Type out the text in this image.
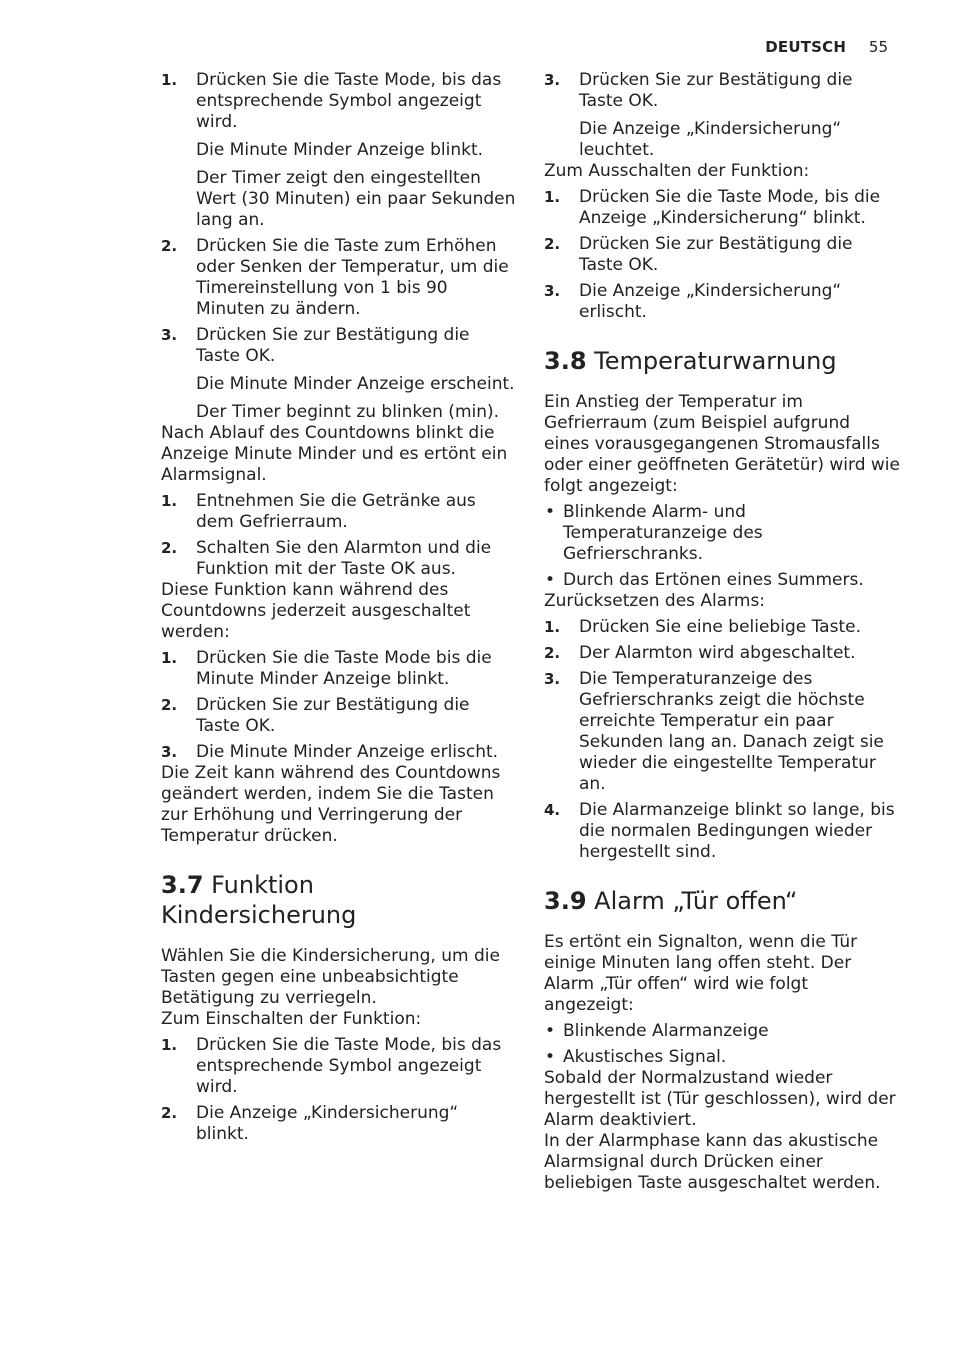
DEUTSCH 55
1. Drücken Sie die Taste Mode, bis das entsprechende Symbol angezeigt wird.
Die Minute Minder Anzeige blinkt.
Der Timer zeigt den eingestellten Wert (30 Minuten) ein paar Sekunden lang an.
2. Drücken Sie die Taste zum Erhöhen oder Senken der Temperatur, um die Timereinstellung von 1 bis 90 Minuten zu ändern.
3. Drücken Sie zur Bestätigung die Taste OK.
Die Minute Minder Anzeige erscheint.
Der Timer beginnt zu blinken (min).

Nach Ablauf des Countdowns blinkt die Anzeige Minute Minder und es ertönt ein Alarmsignal.

1. Entnehmen Sie die Getränke aus dem Gefrierraum.
2. Schalten Sie den Alarmton und die Funktion mit der Taste OK aus.

Diese Funktion kann während des Countdowns jederzeit ausgeschaltet werden:

1. Drücken Sie die Taste Mode bis die Minute Minder Anzeige blinkt.
2. Drücken Sie zur Bestätigung die Taste OK.
3. Die Minute Minder Anzeige erlischt.

Die Zeit kann während des Countdowns geändert werden, indem Sie die Tasten zur Erhöhung und Verringerung der Temperatur drücken.

3.7 Funktion Kindersicherung

Wählen Sie die Kindersicherung, um die Tasten gegen eine unbeabsichtigte Betätigung zu verriegeln.

Zum Einschalten der Funktion:

1. Drücken Sie die Taste Mode, bis das entsprechende Symbol angezeigt wird.
2. Die Anzeige „Kindersicherung“ blinkt.
3. Drücken Sie zur Bestätigung die Taste OK.
Die Anzeige „Kindersicherung“ leuchtet.

Zum Ausschalten der Funktion:

1. Drücken Sie die Taste Mode, bis die Anzeige „Kindersicherung“ blinkt.
2. Drücken Sie zur Bestätigung die Taste OK.
3. Die Anzeige „Kindersicherung“ erlischt.
3.8 Temperaturwarnung

Ein Anstieg der Temperatur im Gefrierraum (zum Beispiel aufgrund eines vorausgegangenen Stromausfalls oder einer geöffneten Gerätetür) wird wie folgt angezeigt:

• Blinkende Alarm- und Temperaturanzeige des Gefrierschranks.
• Durch das Ertönen eines Summers.

Zurücksetzen des Alarms:

1. Drücken Sie eine beliebige Taste.
2. Der Alarmton wird abgeschaltet.
3. Die Temperaturanzeige des Gefrierschranks zeigt die höchste erreichte Temperatur ein paar Sekunden lang an. Danach zeigt sie wieder die eingestellte Temperatur an.
4. Die Alarmanzeige blinkt so lange, bis die normalen Bedingungen wieder hergestellt sind.
3.9 Alarm „Tür offen“

Es ertönt ein Signalton, wenn die Tür einige Minuten lang offen steht. Der Alarm „Tür offen“ wird wie folgt angezeigt:

• Blinkende Alarmanzeige
• Akustisches Signal.

Sobald der Normalzustand wieder hergestellt ist (Tür geschlossen), wird der Alarm deaktiviert.

In der Alarmphase kann das akustische Alarmsignal durch Drücken einer beliebigen Taste ausgeschaltet werden.
